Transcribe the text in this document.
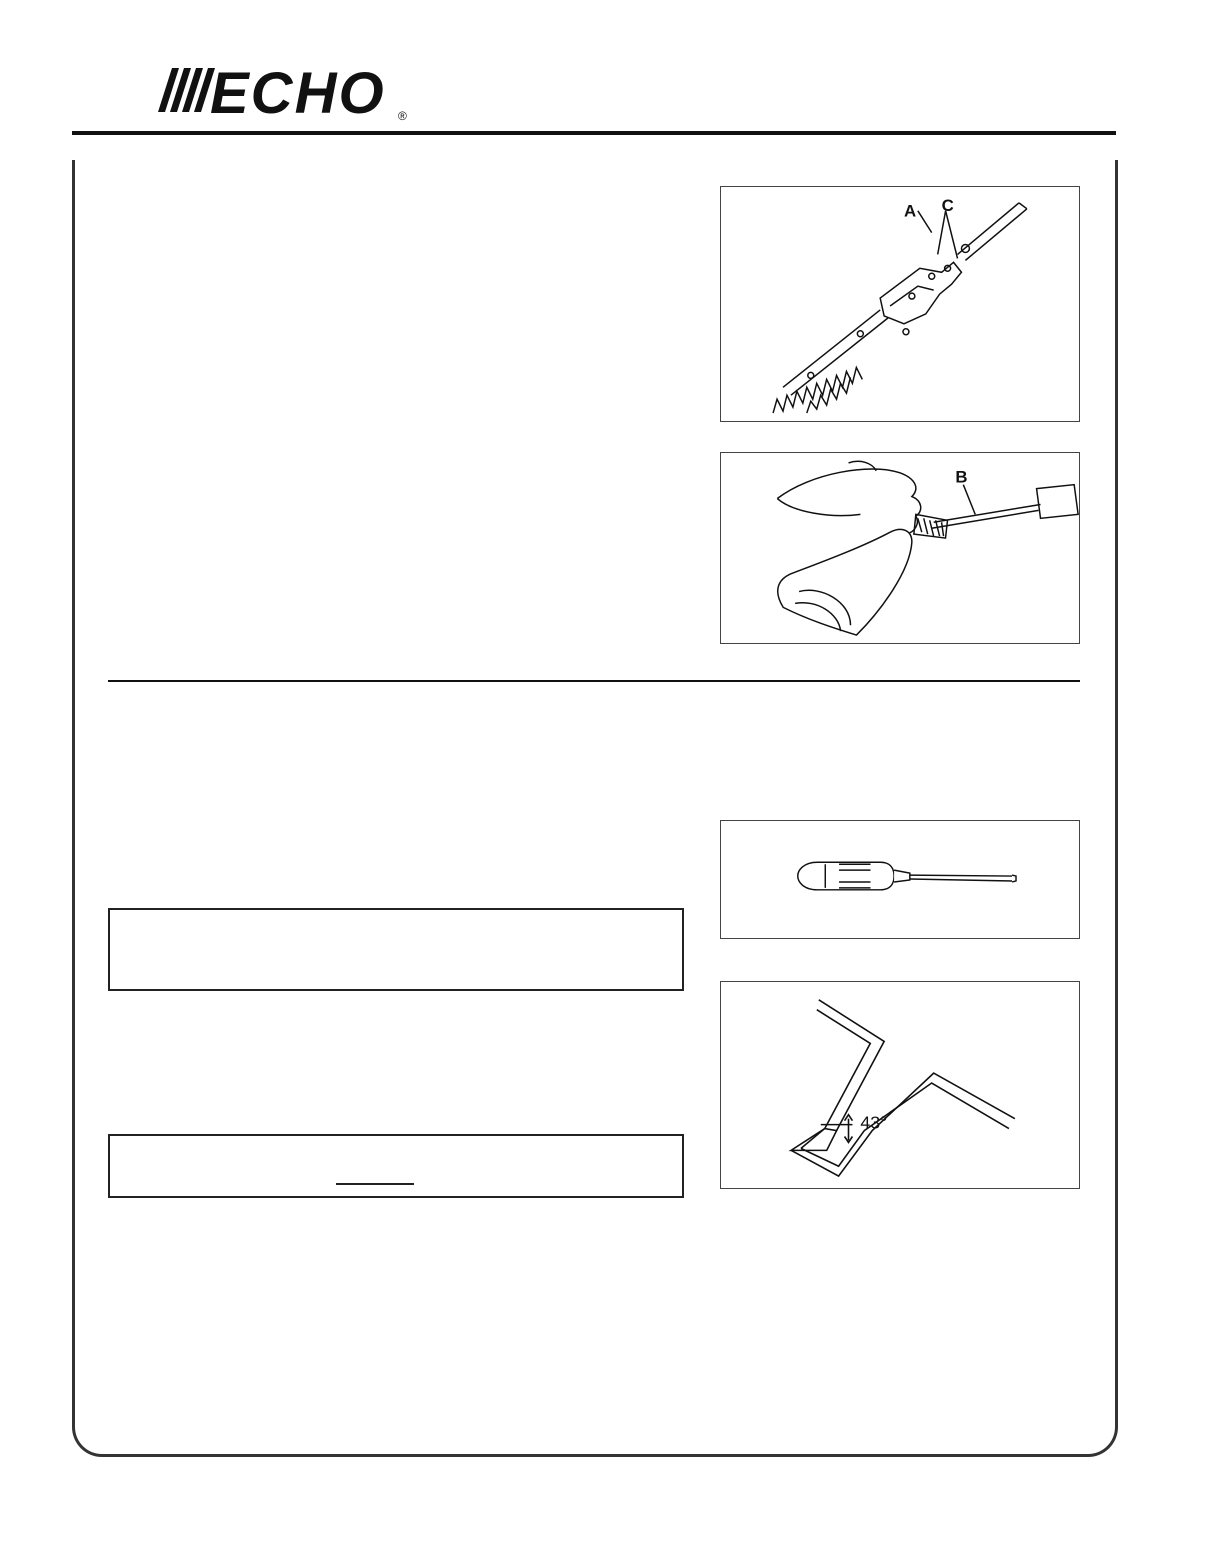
ECHO ®
A C
B
43°
